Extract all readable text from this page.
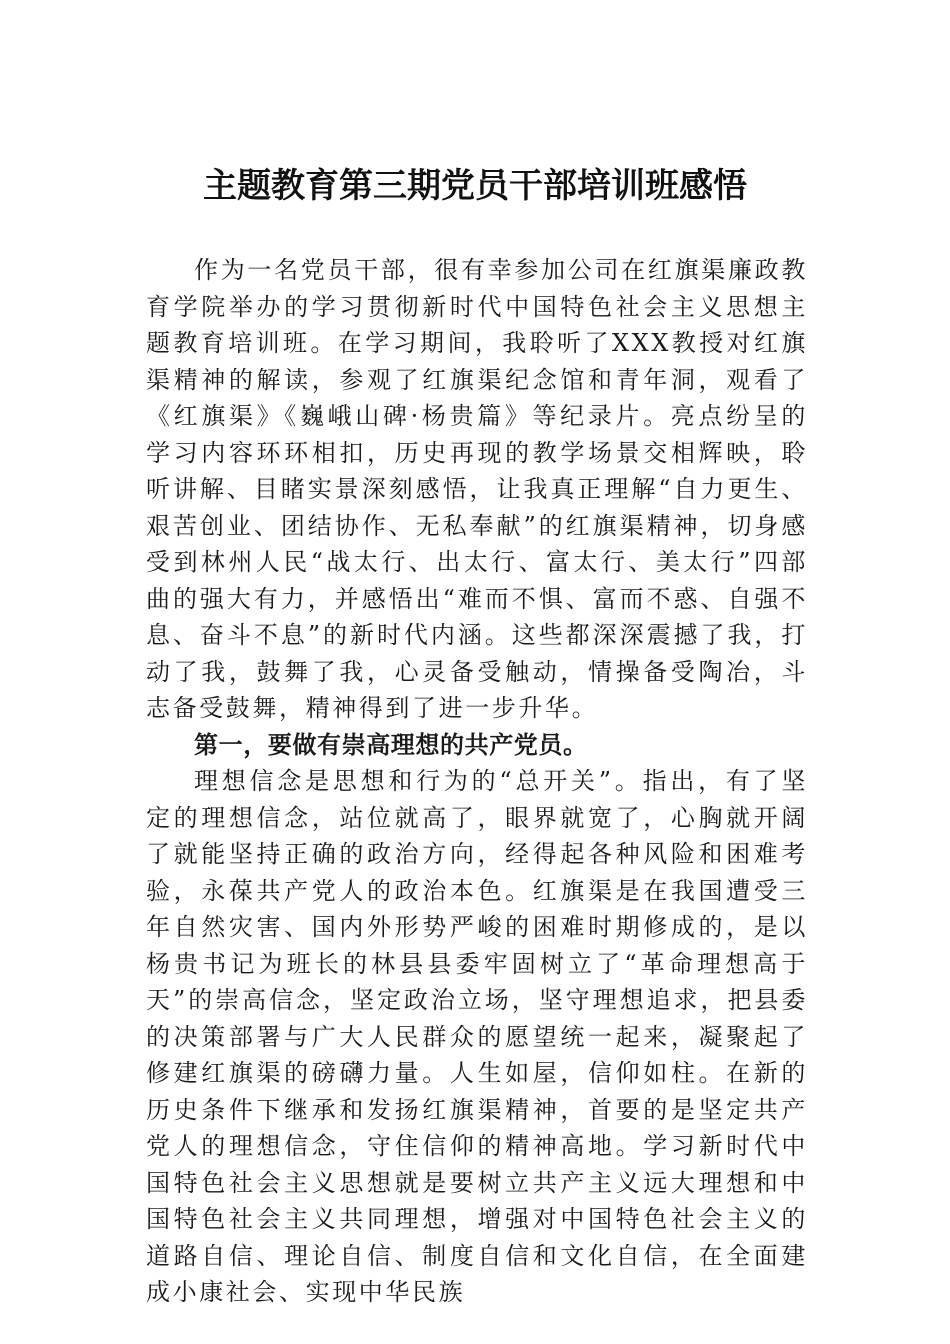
主题教育第三期党员干部培训班感悟

作为一名党员干部，很有幸参加公司在红旗渠廉政教育学院举办的学习贯彻新时代中国特色社会主义思想主题教育培训班。在学习期间，我聆听了XXX教授对红旗渠精神的解读，参观了红旗渠纪念馆和青年洞，观看了《红旗渠》《巍峨山碑·杨贵篇》等纪录片。亮点纷呈的学习内容环环相扣，历史再现的教学场景交相辉映，聆听讲解、目睹实景深刻感悟，让我真正理解“自力更生、艰苦创业、团结协作、无私奉献”的红旗渠精神，切身感受到林州人民“战太行、出太行、富太行、美太行”四部曲的强大有力，并感悟出“难而不惧、富而不惑、自强不息、奋斗不息”的新时代内涵。这些都深深震撼了我，打动了我，鼓舞了我，心灵备受触动，情操备受陶冶，斗志备受鼓舞，精神得到了进一步升华。

第一，要做有崇高理想的共产党员。

理想信念是思想和行为的“总开关”。指出，有了坚定的理想信念，站位就高了，眼界就宽了，心胸就开阔了就能坚持正确的政治方向，经得起各种风险和困难考验，永葆共产党人的政治本色。红旗渠是在我国遭受三年自然灾害、国内外形势严峻的困难时期修成的，是以杨贵书记为班长的林县县委牢固树立了“革命理想高于天”的崇高信念，坚定政治立场，坚守理想追求，把县委的决策部署与广大人民群众的愿望统一起来，凝聚起了修建红旗渠的磅礴力量。人生如屋，信仰如柱。在新的历史条件下继承和发扬红旗渠精神，首要的是坚定共产党人的理想信念，守住信仰的精神高地。学习新时代中国特色社会主义思想就是要树立共产主义远大理想和中国特色社会主义共同理想，增强对中国特色社会主义的道路自信、理论自信、制度自信和文化自信，在全面建成小康社会、实现中华民族
